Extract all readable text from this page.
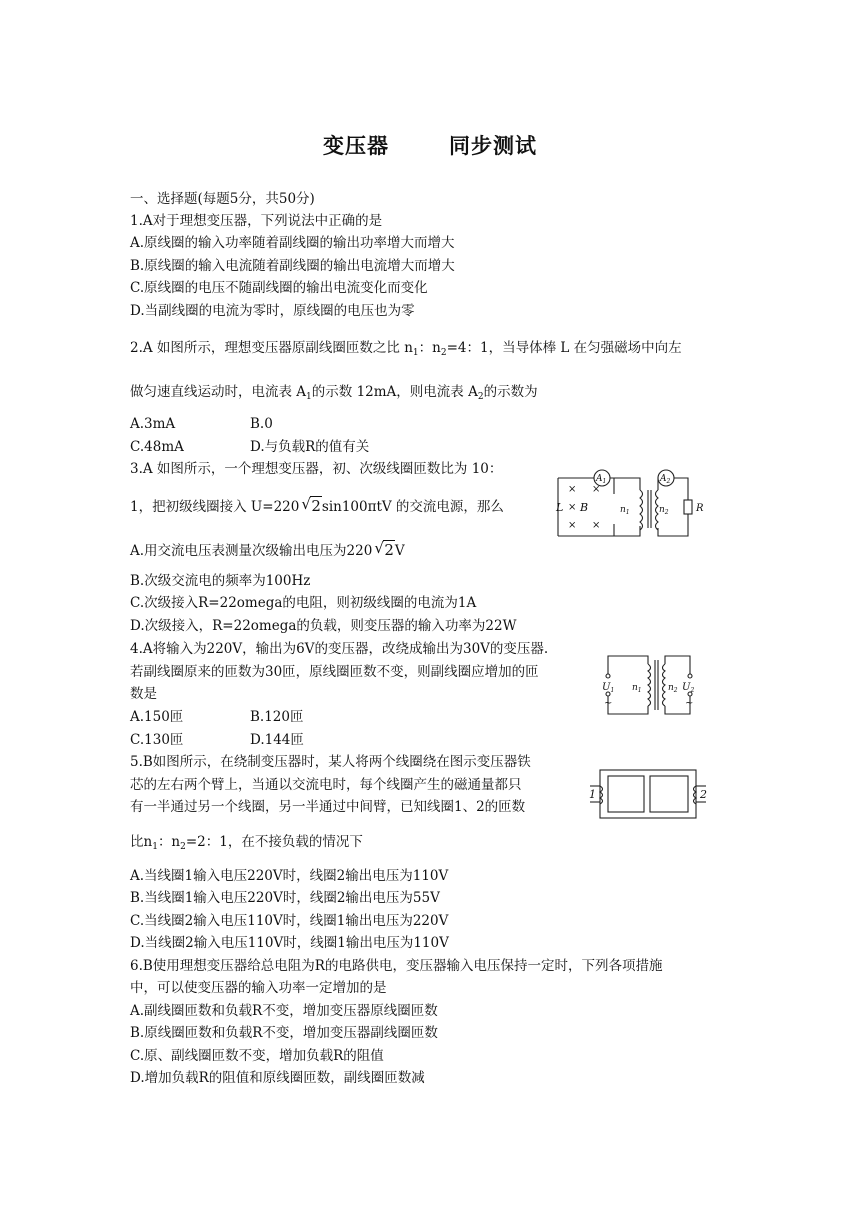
变压器	同步测试
一、选择题(每题5分，共50分)
1.A对于理想变压器，下列说法中正确的是
A.原线圈的输入功率随着副线圈的输出功率增大而增大
B.原线圈的输入电流随着副线圈的输出电流增大而增大
C.原线圈的电压不随副线圈的输出电流变化而变化
D.当副线圈的电流为零时，原线圈的电压也为零
2.A 如图所示，理想变压器原副线圈匝数之比 $n_1$：$n_2=4$：1，当导体棒 L 在匀强磁场中向左
做匀速直线运动时，电流表 $A_1$的示数 12mA，则电流表 $A_2$的示数为
A.3mA	B.0
C.48mA	D.与负载R的值有关
3.A 如图所示，一个理想变压器，初、次级线圈匝数比为 10：
1，把初级线圈接入 U=220 √ 2sin100πtV 的交流电源，那么
A.用交流电压表测量次级输出电压为220 √ 2V
B.次级交流电的频率为100Hz
C.次级接入R=22omega的电阻，则初级线圈的电流为1A
D.次级接入，R=22omega的负载，则变压器的输入功率为22W
$A_1$	$A_2$
×
×
×
×
×
L B	$n_1$	$n_2$	R
4.A将输入为220V，输出为6V的变压器，改绕成输出为30V的变压器.
若副线圈原来的匝数为30匝，原线圈匝数不变，则副线圈应增加的匝
数是
A.150匝	B.120匝
C.130匝	D.144匝
$U_1$	$U_2$
~	~
$n_1$	$n_2$
5.B如图所示，在绕制变压器时，某人将两个线圈绕在图示变压器铁
芯的左右两个臂上，当通以交流电时，每个线圈产生的磁通量都只
有一半通过另一个线圈，另一半通过中间臂，已知线圈1、2的匝数
比$n_1$：$n_2=2$：1，在不接负载的情况下
A.当线圈1输入电压220V时，线圈2输出电压为110V
B.当线圈1输入电压220V时，线圈2输出电压为55V
C.当线圈2输入电压110V时，线圈1输出电压为220V
D.当线圈2输入电压110V时，线圈1输出电压为110V
1	2
6.B使用理想变压器给总电阻为R的电路供电，变压器输入电压保持一定时，下列各项措施
中，可以使变压器的输入功率一定增加的是
A.副线圈匝数和负载R不变，增加变压器原线圈匝数
B.原线圈匝数和负载R不变，增加变压器副线圈匝数
C.原、副线圈匝数不变，增加负载R的阻值
D.增加负载R的阻值和原线圈匝数，副线圈匝数减
